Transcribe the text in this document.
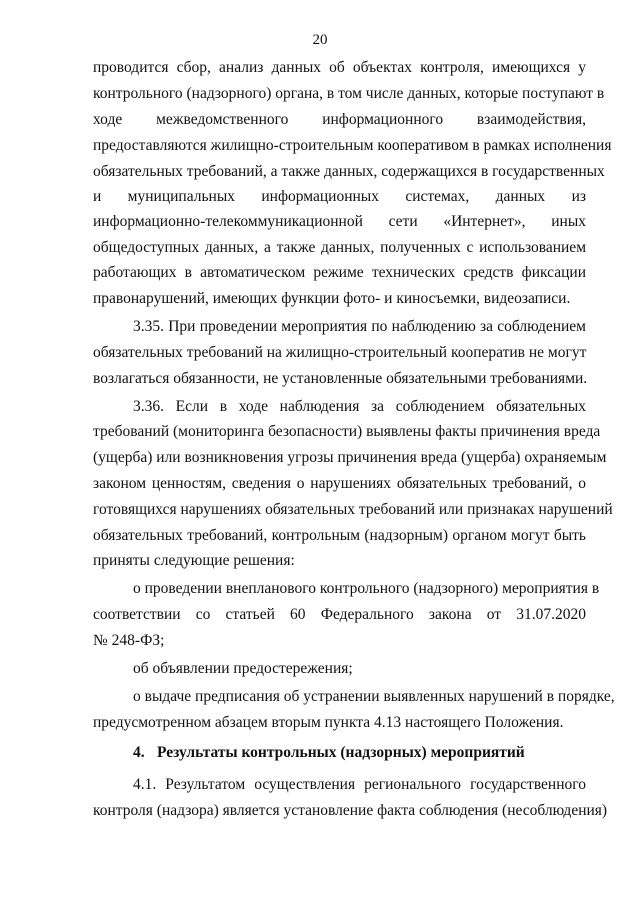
20
проводится сбор, анализ данных об объектах контроля, имеющихся у
контрольного (надзорного) органа, в том числе данных, которые поступают в
ходе межведомственного информационного взаимодействия,
предоставляются жилищно-строительным кооперативом в рамках исполнения
обязательных требований, а также данных, содержащихся в государственных
и муниципальных информационных системах, данных из
информационно-телекоммуникационной сети «Интернет», иных
общедоступных данных, а также данных, полученных с использованием
работающих в автоматическом режиме технических средств фиксации
правонарушений, имеющих функции фото- и киносъемки, видеозаписи.
3.35. При проведении мероприятия по наблюдению за соблюдением
обязательных требований на жилищно-строительный кооператив не могут
возлагаться обязанности, не установленные обязательными требованиями.
3.36. Если в ходе наблюдения за соблюдением обязательных
требований (мониторинга безопасности) выявлены факты причинения вреда
(ущерба) или возникновения угрозы причинения вреда (ущерба) охраняемым
законом ценностям, сведения о нарушениях обязательных требований, о
готовящихся нарушениях обязательных требований или признаках нарушений
обязательных требований, контрольным (надзорным) органом могут быть
приняты следующие решения:
о проведении внепланового контрольного (надзорного) мероприятия в
соответствии со статьей 60 Федерального закона от 31.07.2020
№ 248-ФЗ;
об объявлении предостережения;
о выдаче предписания об устранении выявленных нарушений в порядке,
предусмотренном абзацем вторым пункта 4.13 настоящего Положения.
4. Результаты контрольных (надзорных) мероприятий
4.1. Результатом осуществления регионального государственного
контроля (надзора) является установление факта соблюдения (несоблюдения)
